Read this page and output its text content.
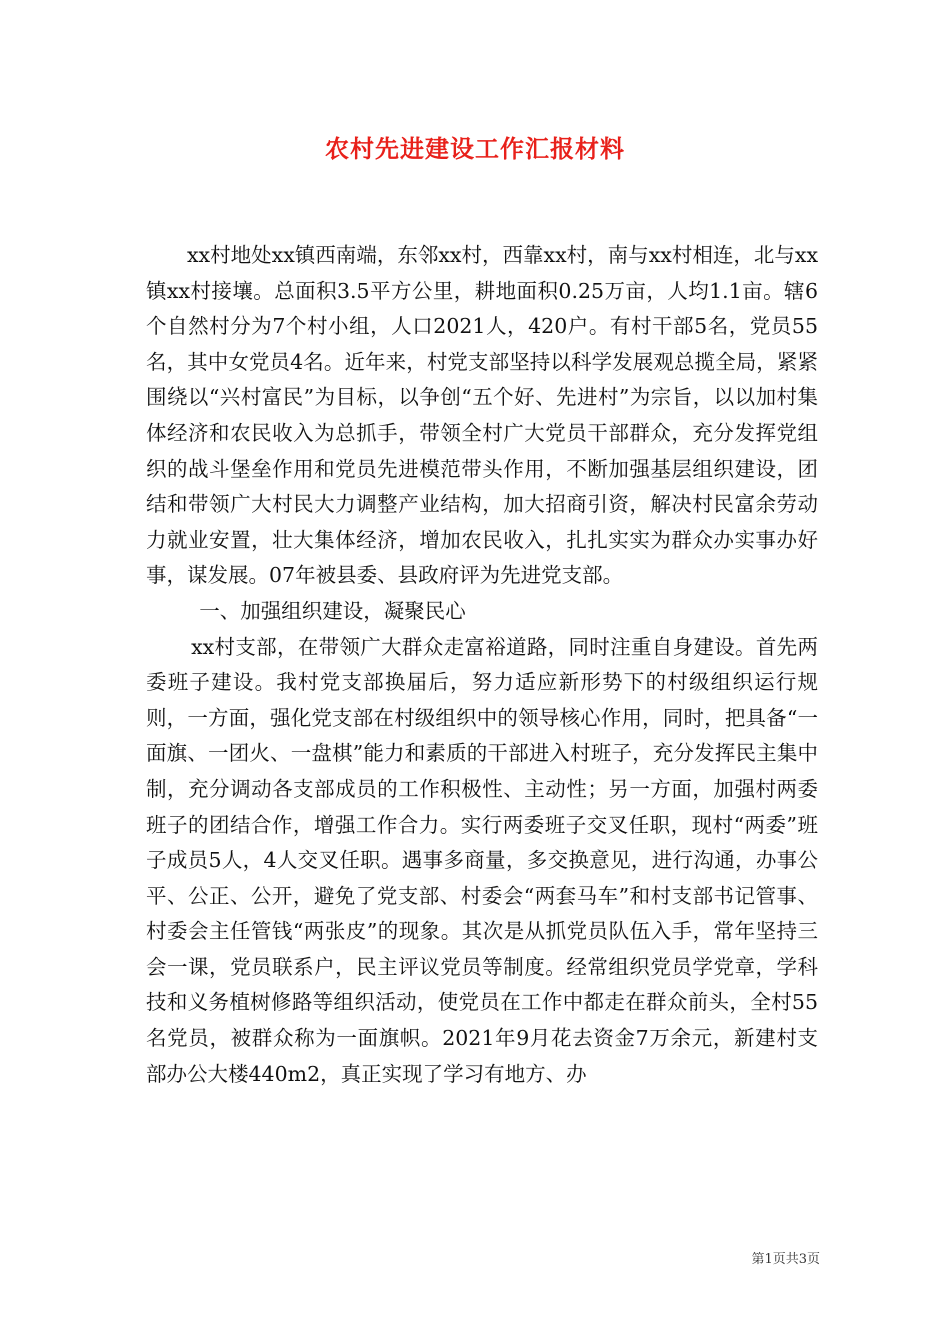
农村先进建设工作汇报材料

xx村地处xx镇西南端，东邻xx村，西靠xx村，南与xx村相连，北与xx镇xx村接壤。总面积3.5平方公里，耕地面积0.25万亩，人均1.1亩。辖6个自然村分为7个村小组，人口2021人，420户。有村干部5名，党员55名，其中女党员4名。近年来，村党支部坚持以科学发展观总揽全局，紧紧围绕以“兴村富民”为目标，以争创“五个好、先进村”为宗旨，以以加村集体经济和农民收入为总抓手，带领全村广大党员干部群众，充分发挥党组织的战斗堡垒作用和党员先进模范带头作用，不断加强基层组织建设，团结和带领广大村民大力调整产业结构，加大招商引资，解决村民富余劳动力就业安置，壮大集体经济，增加农民收入，扎扎实实为群众办实事办好事，谋发展。07年被县委、县政府评为先进党支部。

一、加强组织建设，凝聚民心

xx村支部，在带领广大群众走富裕道路，同时注重自身建设。首先两委班子建设。我村党支部换届后，努力适应新形势下的村级组织运行规则，一方面，强化党支部在村级组织中的领导核心作用，同时，把具备“一面旗、一团火、一盘棋”能力和素质的干部进入村班子，充分发挥民主集中制，充分调动各支部成员的工作积极性、主动性；另一方面，加强村两委班子的团结合作，增强工作合力。实行两委班子交叉任职，现村“两委”班子成员5人，4人交叉任职。遇事多商量，多交换意见，进行沟通，办事公平、公正、公开，避免了党支部、村委会“两套马车”和村支部书记管事、村委会主任管钱“两张皮”的现象。其次是从抓党员队伍入手，常年坚持三会一课，党员联系户，民主评议党员等制度。经常组织党员学党章，学科技和义务植树修路等组织活动，使党员在工作中都走在群众前头，全村55名党员，被群众称为一面旗帜。2021年9月花去资金7万余元，新建村支部办公大楼440m2，真正实现了学习有地方、办

第1页共3页
